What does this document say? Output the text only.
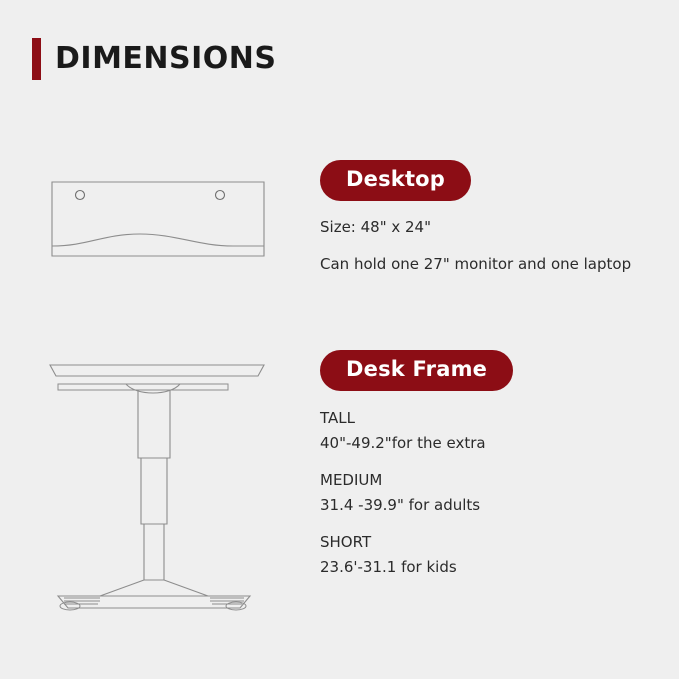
DIMENSIONS
Desktop
Size: 48" x 24"
Can hold one 27" monitor and one laptop
Desk Frame
TALL
40"-49.2"for the extra
MEDIUM
31.4 -39.9" for adults
SHORT
23.6'-31.1 for kids
